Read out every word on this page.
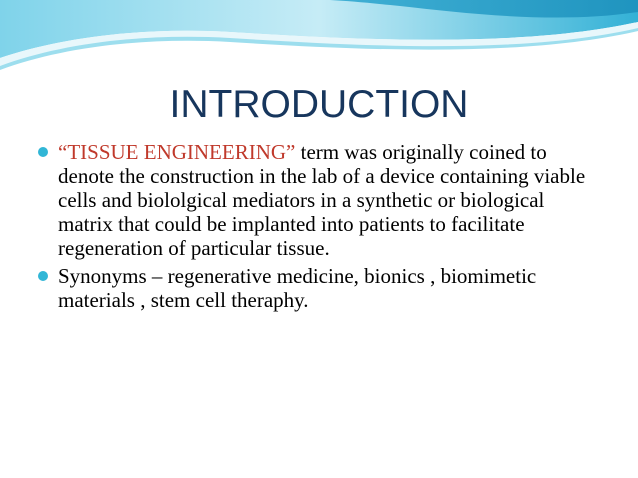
INTRODUCTION
“TISSUE ENGINEERING” term was originally coined to denote the construction in the lab of a device containing viable cells and biololgical mediators in a synthetic or biological matrix that could be implanted into patients to facilitate regeneration of particular tissue.
Synonyms – regenerative medicine, bionics , biomimetic materials , stem cell theraphy.
